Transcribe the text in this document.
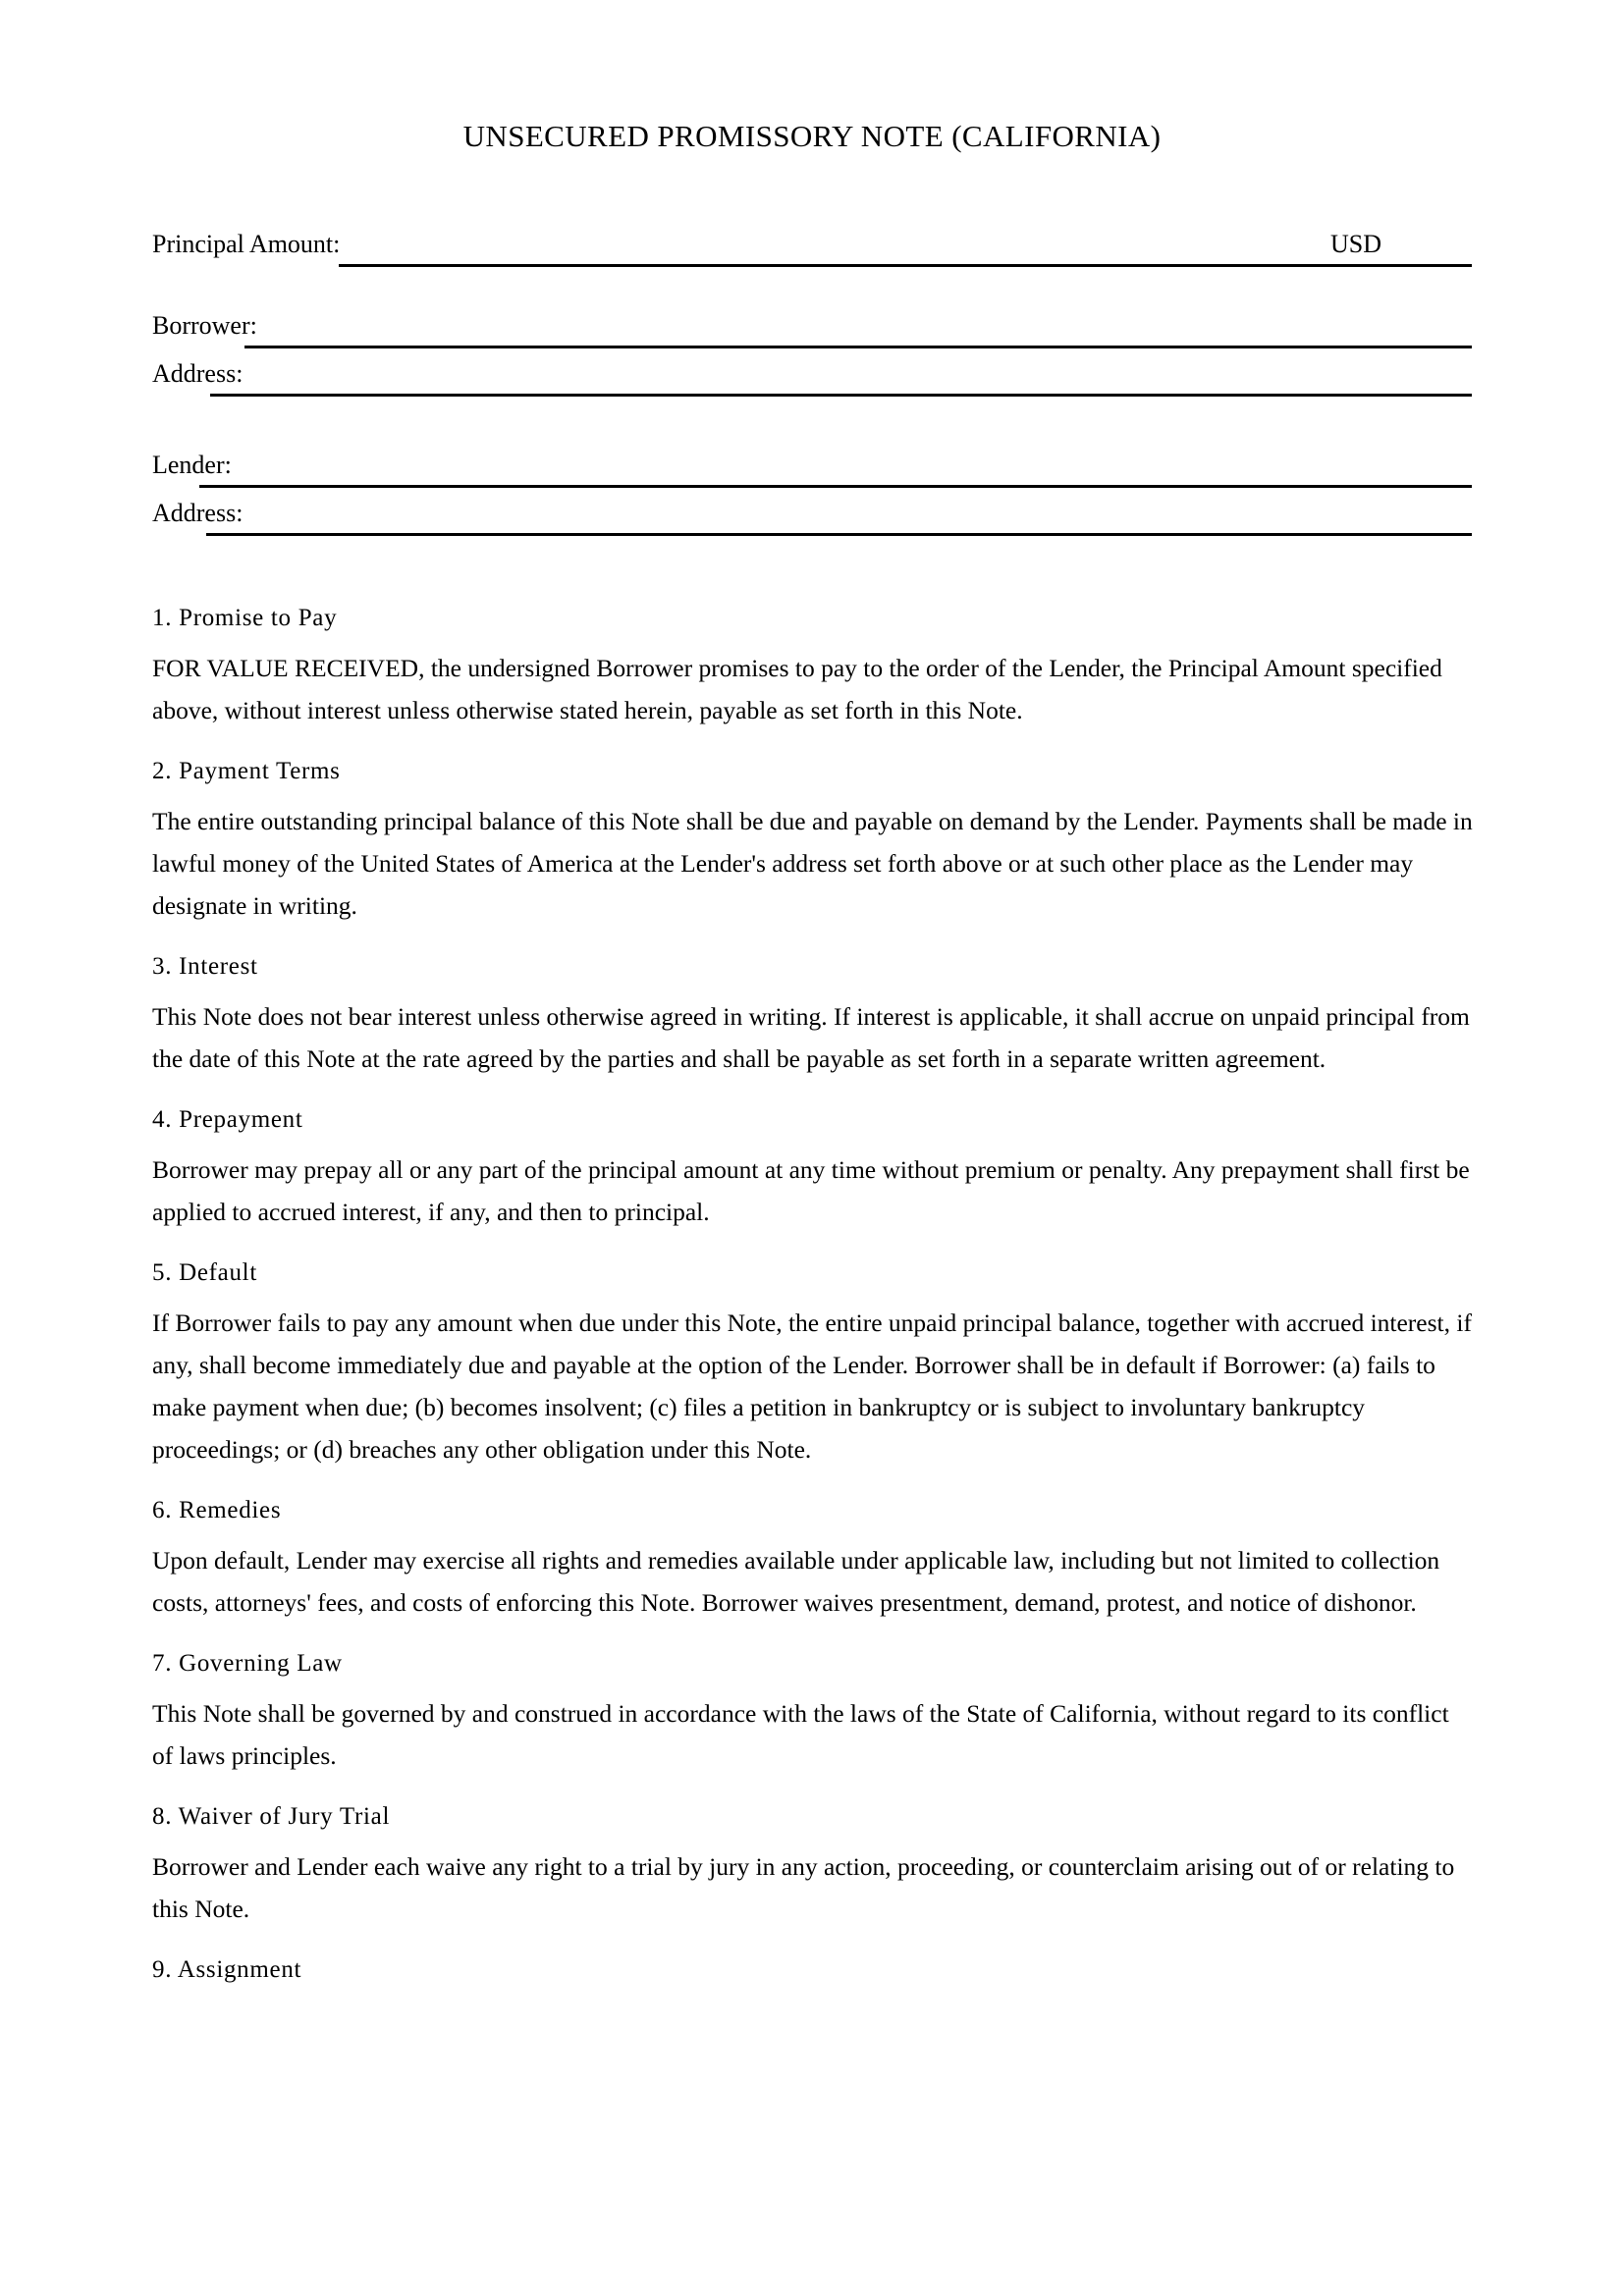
UNSECURED PROMISSORY NOTE (CALIFORNIA)
Principal Amount:	USD
Borrower:
Address:
Lender:
Address:
1. Promise to Pay

FOR VALUE RECEIVED, the undersigned Borrower promises to pay to the order of the Lender, the Principal Amount specified above, without interest unless otherwise stated herein, payable as set forth in this Note.

2. Payment Terms

The entire outstanding principal balance of this Note shall be due and payable on demand by the Lender. Payments shall be made in lawful money of the United States of America at the Lender's address set forth above or at such other place as the Lender may designate in writing.

3. Interest

This Note does not bear interest unless otherwise agreed in writing. If interest is applicable, it shall accrue on unpaid principal from the date of this Note at the rate agreed by the parties and shall be payable as set forth in a separate written agreement.

4. Prepayment

Borrower may prepay all or any part of the principal amount at any time without premium or penalty. Any prepayment shall first be applied to accrued interest, if any, and then to principal.

5. Default

If Borrower fails to pay any amount when due under this Note, the entire unpaid principal balance, together with accrued interest, if any, shall become immediately due and payable at the option of the Lender. Borrower shall be in default if Borrower: (a) fails to make payment when due; (b) becomes insolvent; (c) files a petition in bankruptcy or is subject to involuntary bankruptcy proceedings; or (d) breaches any other obligation under this Note.

6. Remedies

Upon default, Lender may exercise all rights and remedies available under applicable law, including but not limited to collection costs, attorneys' fees, and costs of enforcing this Note. Borrower waives presentment, demand, protest, and notice of dishonor.

7. Governing Law

This Note shall be governed by and construed in accordance with the laws of the State of California, without regard to its conflict of laws principles.

8. Waiver of Jury Trial

Borrower and Lender each waive any right to a trial by jury in any action, proceeding, or counterclaim arising out of or relating to this Note.

9. Assignment
